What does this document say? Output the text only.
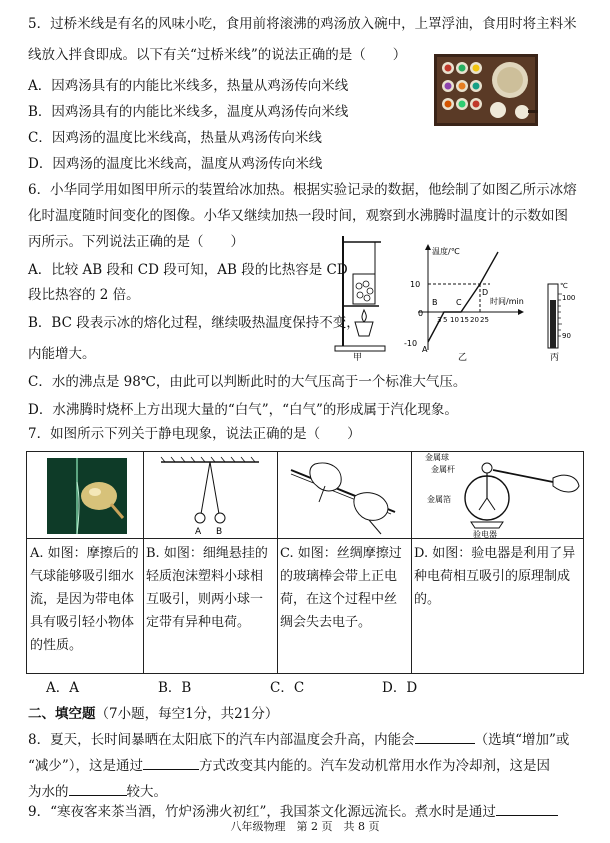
5．过桥米线是有名的风味小吃，食用前将滚沸的鸡汤放入碗中，上罩浮油，食用时将主料米
线放入拌食即成。以下有关“过桥米线”的说法正确的是（　　）
A．因鸡汤具有的内能比米线多，热量从鸡汤传向米线
B．因鸡汤具有的内能比米线多，温度从鸡汤传向米线
C．因鸡汤的温度比米线高，热量从鸡汤传向米线
D．因鸡汤的温度比米线高，温度从鸡汤传向米线
6．小华同学用如图甲所示的装置给冰加热。根据实验记录的数据，他绘制了如图乙所示冰熔
化时温度随时间变化的图像。小华又继续加热一段时间，观察到水沸腾时温度计的示数如图
丙所示。下列说法正确的是（　　）
A．比较 AB 段和 CD 段可知，AB 段的比热容是 CD
段比热容的 2 倍。
B．BC 段表示冰的熔化过程，继续吸热温度保持不变，
内能增大。
C．水的沸点是 98℃，由此可以判断此时的大气压高于一个标准大气压。
D．水沸腾时烧杯上方出现大量的“白气”，“白气”的形成属于汽化现象。
甲
温度/℃
时间/min
10
0
-10
3 5 10 15 20 25
A
B C
D
乙
℃
100
90
丙
7．如图所示下列关于静电现象，说法正确的是（　　）
A B
金属球
金属杆
金属箔
验电器
A. 如图：摩擦后的气球能够吸引细水流，是因为带电体具有吸引轻小物体的性质。
B. 如图：细绳悬挂的轻质泡沫塑料小球相互吸引，则两小球一定带有异种电荷。
C. 如图：丝绸摩擦过的玻璃棒会带上正电荷，在这个过程中丝绸会失去电子。
D. 如图：验电器是利用了异种电荷相互吸引的原理制成的。
A．A	B．B	C．C	D．D
二、填空题（7小题，每空1分，共21分）
8．夏天，长时间暴晒在太阳底下的汽车内部温度会升高，内能会	（选填“增加”或
“减少”），这是通过	方式改变其内能的。汽车发动机常用水作为冷却剂，这是因
为水的	较大。
9．“寒夜客来茶当酒，竹炉汤沸火初红”，我国茶文化源远流长。煮水时是通过
八年级物理　第 2 页　共 8 页
